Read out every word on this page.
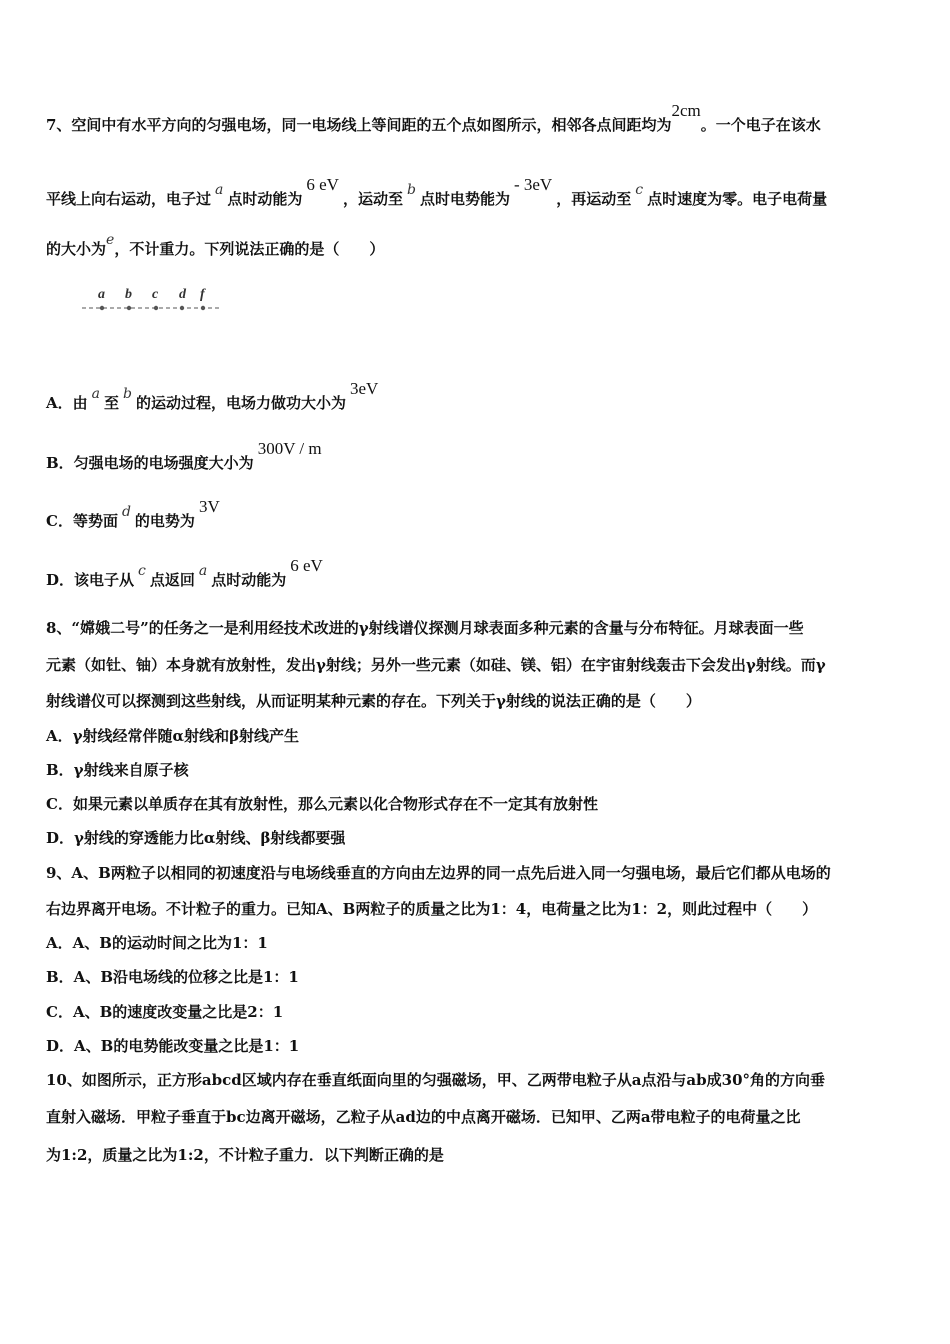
7、空间中有水平方向的匀强电场，同一电场线上等间距的五个点如图所示，相邻各点间距均为2cm。一个电子在该水
平线上向右运动，电子过 a 点时动能为6 eV，运动至 b 点时电势能为- 3eV，再运动至 c 点时速度为零。电子电荷量
的大小为e，不计重力。下列说法正确的是（　　）
a b c d f
A．由 a 至 b 的运动过程，电场力做功大小为3eV
B．匀强电场的电场强度大小为300V / m
C．等势面 d 的电势为3V
D．该电子从 c 点返回 a 点时动能为6 eV
8、“嫦娥二号”的任务之一是利用经技术改进的γ射线谱仪探测月球表面多种元素的含量与分布特征。月球表面一些
元素（如钍、铀）本身就有放射性，发出γ射线；另外一些元素（如硅、镁、铝）在宇宙射线轰击下会发出γ射线。而γ
射线谱仪可以探测到这些射线，从而证明某种元素的存在。下列关于γ射线的说法正确的是（　　）
A．γ射线经常伴随α射线和β射线产生
B．γ射线来自原子核
C．如果元素以单质存在其有放射性，那么元素以化合物形式存在不一定其有放射性
D．γ射线的穿透能力比α射线、β射线都要强
9、A、B两粒子以相同的初速度沿与电场线垂直的方向由左边界的同一点先后进入同一匀强电场，最后它们都从电场的
右边界离开电场。不计粒子的重力。已知A、B两粒子的质量之比为1：4，电荷量之比为1：2，则此过程中（　　）
A．A、B的运动时间之比为1：1
B．A、B沿电场线的位移之比是1：1
C．A、B的速度改变量之比是2：1
D．A、B的电势能改变量之比是1：1
10、如图所示，正方形abcd区域内存在垂直纸面向里的匀强磁场，甲、乙两带电粒子从a点沿与ab成30°角的方向垂
直射入磁场．甲粒子垂直于bc边离开磁场，乙粒子从ad边的中点离开磁场．已知甲、乙两a带电粒子的电荷量之比
为1:2，质量之比为1:2，不计粒子重力．以下判断正确的是
